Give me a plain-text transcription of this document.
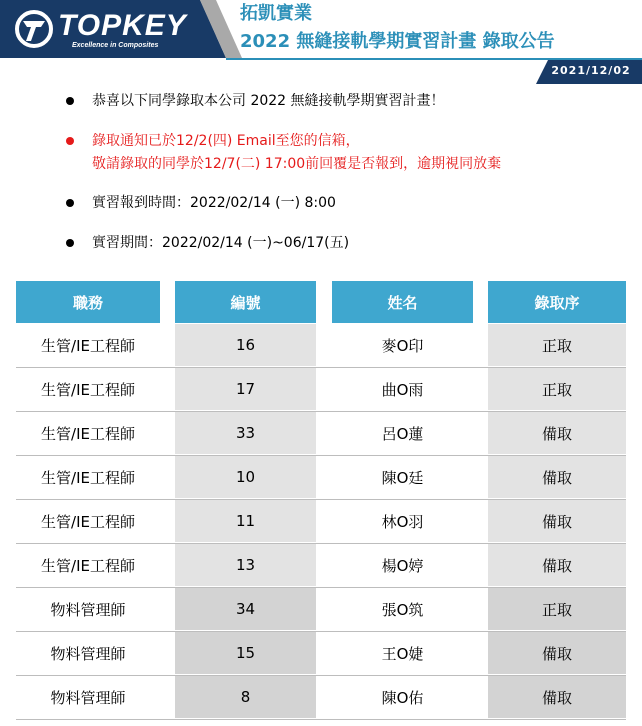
TOPKEY
Excellence in Composites
拓凱實業
2022 無縫接軌學期實習計畫 錄取公告
2021/12/02
恭喜以下同學錄取本公司 2022 無縫接軌學期實習計畫！
錄取通知已於12/2(四) Email至您的信箱，
敬請錄取的同學於12/7(二) 17:00前回覆是否報到，逾期視同放棄
實習報到時間：2022/02/14 (一) 8:00
實習期間：2022/02/14 (一)~06/17(五)
職務	編號	姓名	錄取序
生管/IE工程師	16	麥O印	正取
生管/IE工程師	17	曲O雨	正取
生管/IE工程師	33	呂O蓮	備取
生管/IE工程師	10	陳O廷	備取
生管/IE工程師	11	林O羽	備取
生管/IE工程師	13	楊O婷	備取
物料管理師	34	張O筑	正取
物料管理師	15	王O婕	備取
物料管理師	8	陳O佑	備取
